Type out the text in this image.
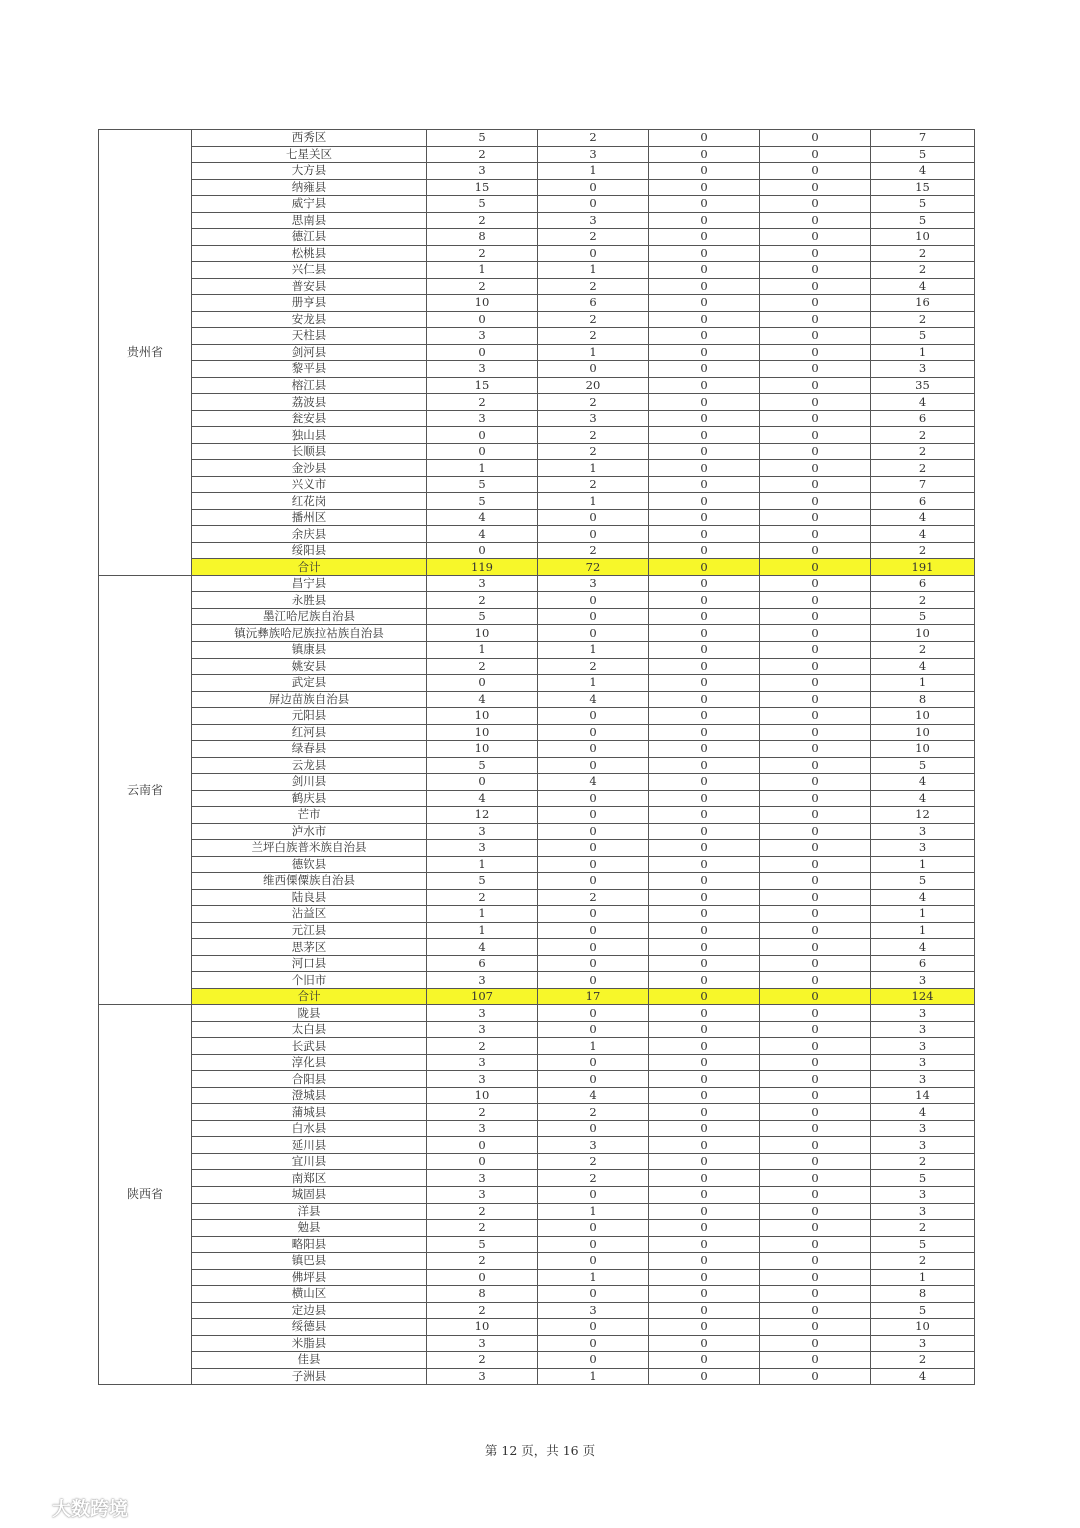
贵州省	西秀区	5	2	0	0	7
	七星关区	2	3	0	0	5
	大方县	3	1	0	0	4
	纳雍县	15	0	0	0	15
	威宁县	5	0	0	0	5
	思南县	2	3	0	0	5
	德江县	8	2	0	0	10
	松桃县	2	0	0	0	2
	兴仁县	1	1	0	0	2
	普安县	2	2	0	0	4
	册亨县	10	6	0	0	16
	安龙县	0	2	0	0	2
	天柱县	3	2	0	0	5
	剑河县	0	1	0	0	1
	黎平县	3	0	0	0	3
	榕江县	15	20	0	0	35
	荔波县	2	2	0	0	4
	瓮安县	3	3	0	0	6
	独山县	0	2	0	0	2
	长顺县	0	2	0	0	2
	金沙县	1	1	0	0	2
	兴义市	5	2	0	0	7
	红花岗	5	1	0	0	6
	播州区	4	0	0	0	4
	余庆县	4	0	0	0	4
	绥阳县	0	2	0	0	2
	合计	119	72	0	0	191
云南省	昌宁县	3	3	0	0	6
	永胜县	2	0	0	0	2
	墨江哈尼族自治县	5	0	0	0	5
	镇沅彝族哈尼族拉祜族自治县	10	0	0	0	10
	镇康县	1	1	0	0	2
	姚安县	2	2	0	0	4
	武定县	0	1	0	0	1
	屏边苗族自治县	4	4	0	0	8
	元阳县	10	0	0	0	10
	红河县	10	0	0	0	10
	绿春县	10	0	0	0	10
	云龙县	5	0	0	0	5
	剑川县	0	4	0	0	4
	鹤庆县	4	0	0	0	4
	芒市	12	0	0	0	12
	泸水市	3	0	0	0	3
	兰坪白族普米族自治县	3	0	0	0	3
	德钦县	1	0	0	0	1
	维西傈僳族自治县	5	0	0	0	5
	陆良县	2	2	0	0	4
	沾益区	1	0	0	0	1
	元江县	1	0	0	0	1
	思茅区	4	0	0	0	4
	河口县	6	0	0	0	6
	个旧市	3	0	0	0	3
	合计	107	17	0	0	124
陕西省	陇县	3	0	0	0	3
	太白县	3	0	0	0	3
	长武县	2	1	0	0	3
	淳化县	3	0	0	0	3
	合阳县	3	0	0	0	3
	澄城县	10	4	0	0	14
	蒲城县	2	2	0	0	4
	白水县	3	0	0	0	3
	延川县	0	3	0	0	3
	宜川县	0	2	0	0	2
	南郑区	3	2	0	0	5
	城固县	3	0	0	0	3
	洋县	2	1	0	0	3
	勉县	2	0	0	0	2
	略阳县	5	0	0	0	5
	镇巴县	2	0	0	0	2
	佛坪县	0	1	0	0	1
	横山区	8	0	0	0	8
	定边县	2	3	0	0	5
	绥德县	10	0	0	0	10
	米脂县	3	0	0	0	3
	佳县	2	0	0	0	2
	子洲县	3	1	0	0	4
第 12 页，共 16 页
大数跨境
